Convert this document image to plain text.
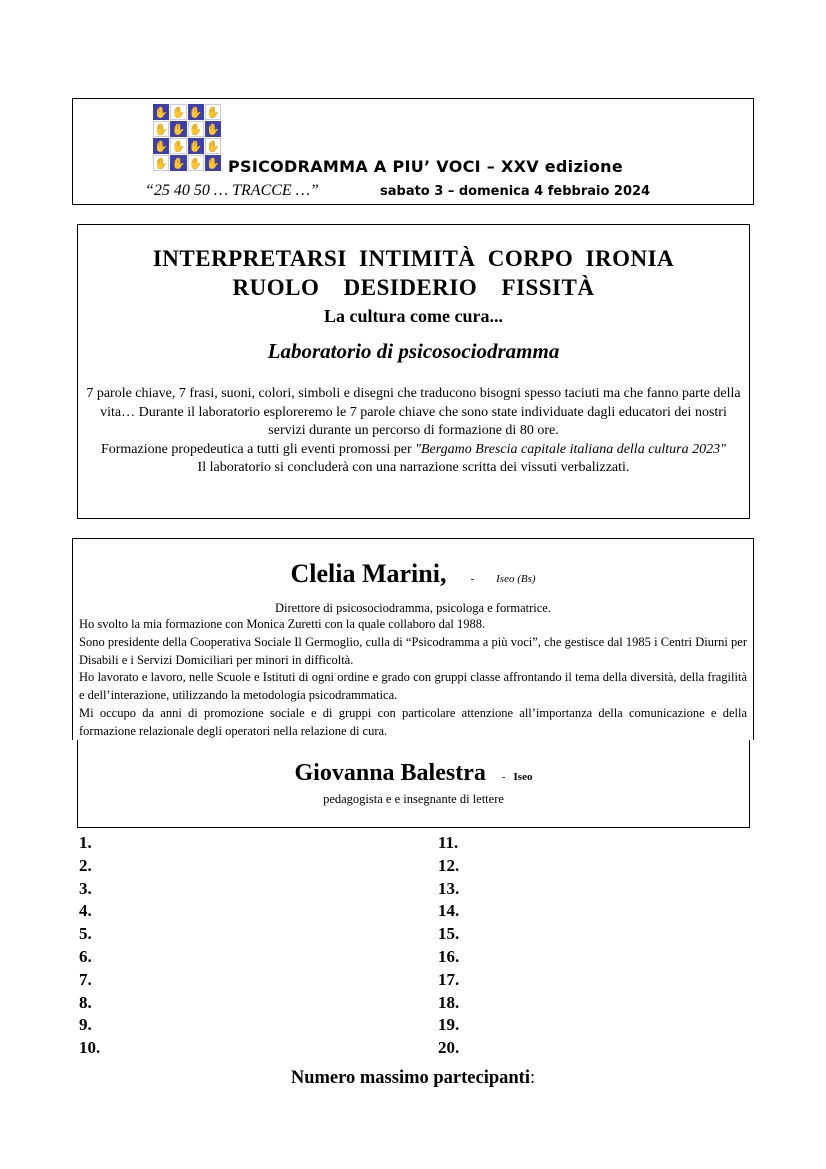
✋ ✋ ✋ ✋
✋ ✋ ✋ ✋
✋ ✋ ✋ ✋
✋ ✋ ✋ ✋ PSICODRAMMA A PIU’ VOCI – XXV edizione
“25 40 50 … TRACCE …”	sabato 3 – domenica 4 febbraio 2024
INTERPRETARSI INTIMITÀ CORPO IRONIA
RUOLO DESIDERIO FISSITÀ
La cultura come cura...
Laboratorio di psicosociodramma
7 parole chiave, 7 frasi, suoni, colori, simboli e disegni che traducono bisogni spesso taciuti ma che fanno parte della vita… Durante il laboratorio esploreremo le 7 parole chiave che sono state individuate dagli educatori dei nostri servizi durante un percorso di formazione di 80 ore.
Formazione propedeutica a tutti gli eventi promossi per "Bergamo Brescia capitale italiana della cultura 2023"
Il laboratorio si concluderà con una narrazione scritta dei vissuti verbalizzati.
Clelia Marini, - Iseo (Bs)
Direttore di psicosociodramma, psicologa e formatrice.

Ho svolto la mia formazione con Monica Zuretti con la quale collaboro dal 1988.

Sono presidente della Cooperativa Sociale Il Germoglio, culla di “Psicodramma a più voci”, che gestisce dal 1985 i Centri Diurni per Disabili e i Servizi Domiciliari per minori in difficoltà.

Ho lavorato e lavoro, nelle Scuole e Istituti di ogni ordine e grado con gruppi classe affrontando il tema della diversità, della fragilità e dell’interazione, utilizzando la metodologia psicodrammatica.

Mi occupo da anni di promozione sociale e di gruppi con particolare attenzione all’importanza della comunicazione e della formazione relazionale degli operatori nella relazione di cura.

Giovanna Balestra - Iseo
pedagogista e e insegnante di lettere
1.
2.
3.
4.
5.
6.
7.
8.
9.
10.
11.
12.
13.
14.
15.
16.
17.
18.
19.
20.
Numero massimo partecipanti:
